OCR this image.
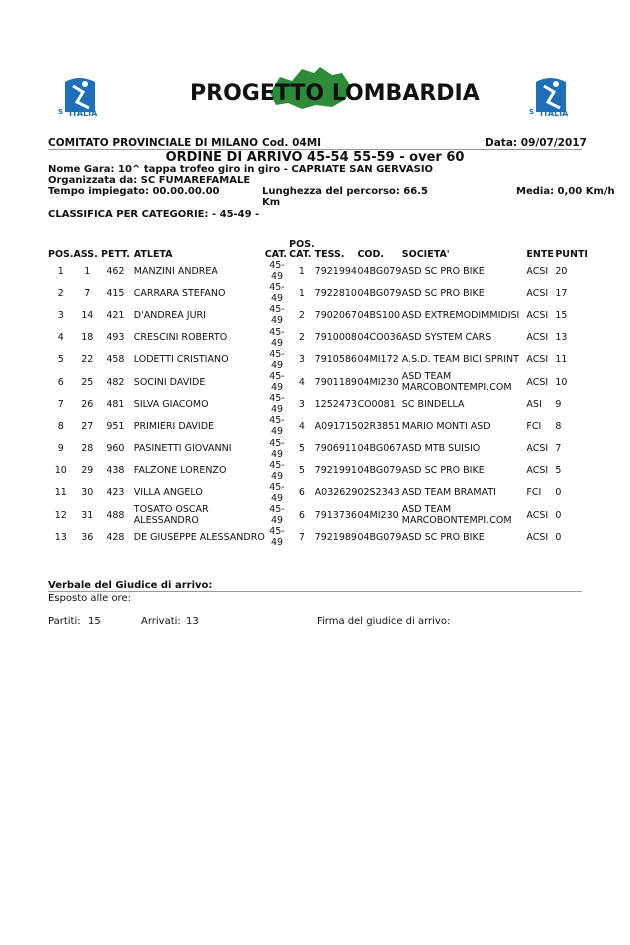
S ITALIA
PROGETTO LOMBARDIA
S ITALIA
COMITATO PROVINCIALE DI MILANO Cod. 04MI	Data: 09/07/2017
ORDINE DI ARRIVO 45-54 55-59 - over 60
Nome Gara: 10^ tappa trofeo giro in giro - CAPRIATE SAN GERVASIO
Organizzata da: SC FUMAREFAMALE
Tempo impiegato: 00.00.00.00	Lunghezza del percorso: 66.5
Km
Media: 0,00 Km/h
CLASSIFICA PER CATEGORIE: - 45-49 -
POS.	ASS.	PETT.	ATLETA	CAT.	POS.
CAT.	TESS.	COD.	SOCIETA'	ENTE	PUNTI
1	1	462	MANZINI ANDREA	45-
49	1	7921994	04BG079	ASD SC PRO BIKE	ACSI	20
2	7	415	CARRARA STEFANO	45-
49	1	7922810	04BG079	ASD SC PRO BIKE	ACSI	17
3	14	421	D'ANDREA JURI	45-
49	2	7902067	04BS100	ASD EXTREMODIMMIDISI	ACSI	15
4	18	493	CRESCINI ROBERTO	45-
49	2	7910008	04CO036	ASD SYSTEM CARS	ACSI	13
5	22	458	LODETTI CRISTIANO	45-
49	3	7910586	04MI172	A.S.D. TEAM BICI SPRINT	ACSI	11
6	25	482	SOCINI DAVIDE	45-
49	4	7901189	04MI230	ASD TEAM
MARCOBONTEMPI.COM	ACSI	10
7	26	481	SILVA GIACOMO	45-
49	3	1252473	CO0081	SC BINDELLA	ASI	9
8	27	951	PRIMIERI DAVIDE	45-
49	4	A091715	02R3851	MARIO MONTI ASD	FCI	8
9	28	960	PASINETTI GIOVANNI	45-
49	5	7906911	04BG067	ASD MTB SUISIO	ACSI	7
10	29	438	FALZONE LORENZO	45-
49	5	7921991	04BG079	ASD SC PRO BIKE	ACSI	5
11	30	423	VILLA ANGELO	45-
49	6	A032629	02S2343	ASD TEAM BRAMATI	FCI	0
12	31	488	TOSATO OSCAR
ALESSANDRO	45-
49	6	7913736	04MI230	ASD TEAM
MARCOBONTEMPI.COM	ACSI	0
13	36	428	DE GIUSEPPE ALESSANDRO	45-
49	7	7921989	04BG079	ASD SC PRO BIKE	ACSI	0
Verbale del Giudice di arrivo:
Esposto alle ore:
Partiti: 15	Arrivati: 13	Firma del giudice di arrivo:
